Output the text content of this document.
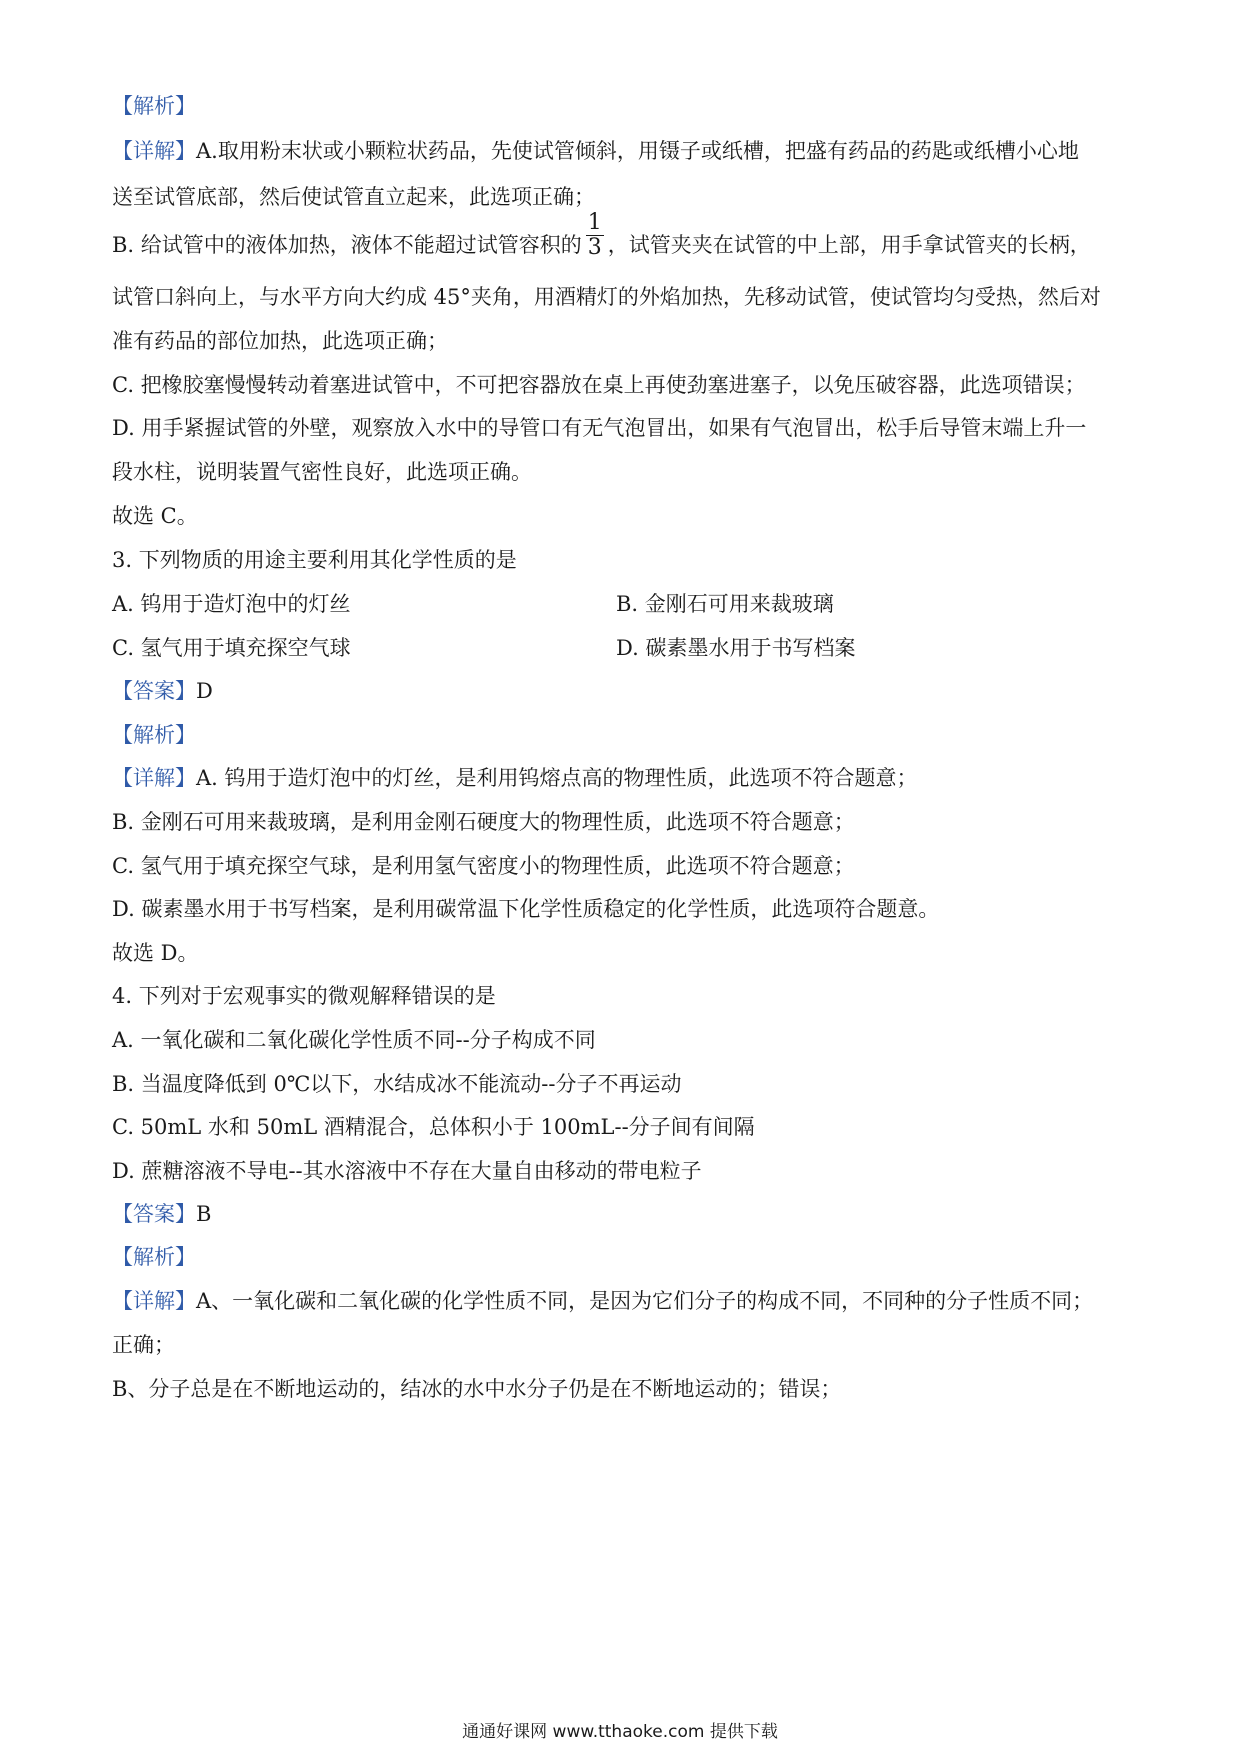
【解析】
【详解】A.取用粉末状或小颗粒状药品，先使试管倾斜，用镊子或纸槽，把盛有药品的药匙或纸槽小心地
送至试管底部，然后使试管直立起来，此选项正确；
B. 给试管中的液体加热，液体不能超过试管容积的 $\frac{1}{3}$ ，试管夹夹在试管的中上部，用手拿试管夹的长柄，
试管口斜向上，与水平方向大约成 45°夹角，用酒精灯的外焰加热，先移动试管，使试管均匀受热，然后对
准有药品的部位加热，此选项正确；
C. 把橡胶塞慢慢转动着塞进试管中，不可把容器放在桌上再使劲塞进塞子，以免压破容器，此选项错误；
D. 用手紧握试管的外壁，观察放入水中的导管口有无气泡冒出，如果有气泡冒出，松手后导管末端上升一
段水柱，说明装置气密性良好，此选项正确。
故选 C。
3. 下列物质的用途主要利用其化学性质的是
A. 钨用于造灯泡中的灯丝	B. 金刚石可用来裁玻璃
C. 氢气用于填充探空气球	D. 碳素墨水用于书写档案
【答案】D
【解析】
【详解】A. 钨用于造灯泡中的灯丝，是利用钨熔点高的物理性质，此选项不符合题意；
B. 金刚石可用来裁玻璃，是利用金刚石硬度大的物理性质，此选项不符合题意；
C. 氢气用于填充探空气球，是利用氢气密度小的物理性质，此选项不符合题意；
D. 碳素墨水用于书写档案，是利用碳常温下化学性质稳定的化学性质，此选项符合题意。
故选 D。
4. 下列对于宏观事实的微观解释错误的是
A. 一氧化碳和二氧化碳化学性质不同--分子构成不同
B. 当温度降低到 0℃以下，水结成冰不能流动--分子不再运动
C. 50mL 水和 50mL 酒精混合，总体积小于 100mL--分子间有间隔
D. 蔗糖溶液不导电--其水溶液中不存在大量自由移动的带电粒子
【答案】B
【解析】
【详解】A、一氧化碳和二氧化碳的化学性质不同，是因为它们分子的构成不同，不同种的分子性质不同；
正确；
B、分子总是在不断地运动的，结冰的水中水分子仍是在不断地运动的；错误；
通通好课网 www.tthaoke.com 提供下载
